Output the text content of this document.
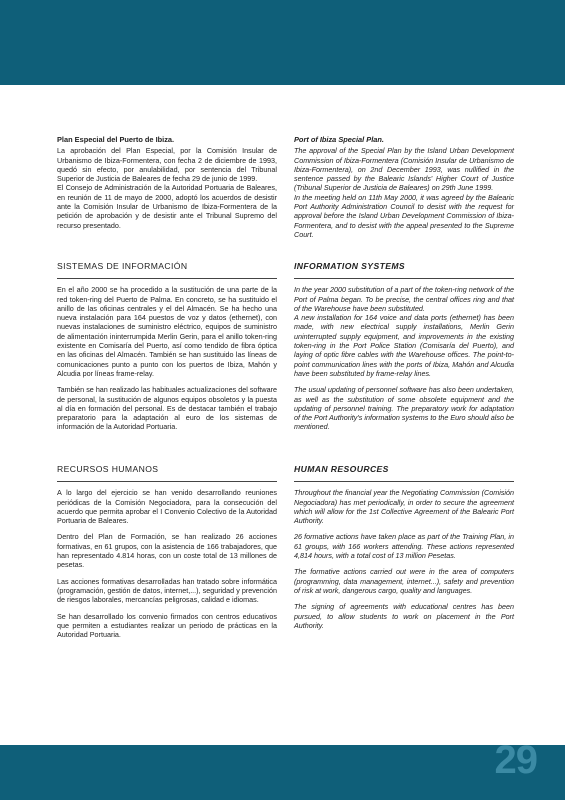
Plan Especial del Puerto de Ibiza.

La aprobación del Plan Especial, por la Comisión Insular de Urbanismo de Ibiza-Formentera, con fecha 2 de diciembre de 1993, quedó sin efecto, por anulabilidad, por sentencia del Tribunal Superior de Justicia de Baleares de fecha 29 de junio de 1999.

El Consejo de Administración de la Autoridad Portuaria de Baleares, en reunión de 11 de mayo de 2000, adoptó los acuerdos de desistir ante la Comisión Insular de Urbanismo de Ibiza-Formentera de la petición de aprobación y de desistir ante el Tribunal Supremo del recurso presentado.

SISTEMAS DE INFORMACIÓN

En el año 2000 se ha procedido a la sustitución de una parte de la red token-ring del Puerto de Palma. En concreto, se ha sustituido el anillo de las oficinas centrales y el del Almacén. Se ha hecho una nueva instalación para 164 puestos de voz y datos (ethernet), con nuevas instalaciones de suministro eléctrico, equipos de suministro de alimentación ininterrumpida Merlin Gerin, para el anillo token-ring existente en Comisaría del Puerto, así como tendido de fibra óptica en las oficinas del Almacén. También se han sustituido las líneas de comunicaciones punto a punto con los puertos de Ibiza, Mahón y Alcudia por líneas frame-relay.

También se han realizado las habituales actualizaciones del software de personal, la sustitución de algunos equipos obsoletos y la puesta al día en formación del personal. Es de destacar también el trabajo preparatorio para la adaptación al euro de los sistemas de información de la Autoridad Portuaria.

RECURSOS HUMANOS

A lo largo del ejercicio se han venido desarrollando reuniones periódicas de la Comisión Negociadora, para la consecución del acuerdo que permita aprobar el I Convenio Colectivo de la Autoridad Portuaria de Baleares.

Dentro del Plan de Formación, se han realizado 26 acciones formativas, en 61 grupos, con la asistencia de 166 trabajadores, que han representado 4.814 horas, con un coste total de 13 millones de pesetas.

Las acciones formativas desarrolladas han tratado sobre informática (programación, gestión de datos, internet,...), seguridad y prevención de riesgos laborales, mercancías peligrosas, calidad e idiomas.

Se han desarrollado los convenio firmados con centros educativos que permiten a estudiantes realizar un periodo de prácticas en la Autoridad Portuaria.

Port of Ibiza Special Plan.

The approval of the Special Plan by the Island Urban Development Commission of Ibiza-Formentera (Comisión Insular de Urbanismo de Ibiza-Formentera), on 2nd December 1993, was nullified in the sentence passed by the Balearic Islands' Higher Court of Justice (Tribunal Superior de Justicia de Baleares) on 29th June 1999.

In the meeting held on 11th May 2000, it was agreed by the Balearic Port Authority Administration Council to desist with the request for approval before the Island Urban Development Commission of Ibiza-Formentera, and to desist with the appeal presented to the Supreme Court.

INFORMATION SYSTEMS

In the year 2000 substitution of a part of the token-ring network of the Port of Palma began. To be precise, the central offices ring and that of the Warehouse have been substituted.

A new installation for 164 voice and data ports (ethernet) has been made, with new electrical supply installations, Merlin Gerin uninterrupted supply equipment, and improvements in the existing token-ring in the Port Police Station (Comisaría del Puerto), and laying of optic fibre cables with the Warehouse offices. The point-to-point communication lines with the ports of Ibiza, Mahón and Alcudia have been substituted by frame-relay lines.

The usual updating of personnel software has also been undertaken, as well as the substitution of some obsolete equipment and the updating of personnel training. The preparatory work for adaptation of the Port Authority's information systems to the Euro should also be mentioned.

HUMAN RESOURCES

Throughout the financial year the Negotiating Commission (Comisión Negociadora) has met periodically, in order to secure the agreement which will allow for the 1st Collective Agreement of the Balearic Port Authority.

26 formative actions have taken place as part of the Training Plan, in 61 groups, with 166 workers attending. These actions represented 4,814 hours, with a total cost of 13 million Pesetas.

The formative actions carried out were in the area of computers (programming, data management, internet...), safety and prevention of risk at work, dangerous cargo, quality and languages.

The signing of agreements with educational centres has been pursued, to allow students to work on placement in the Port Authority.

29
